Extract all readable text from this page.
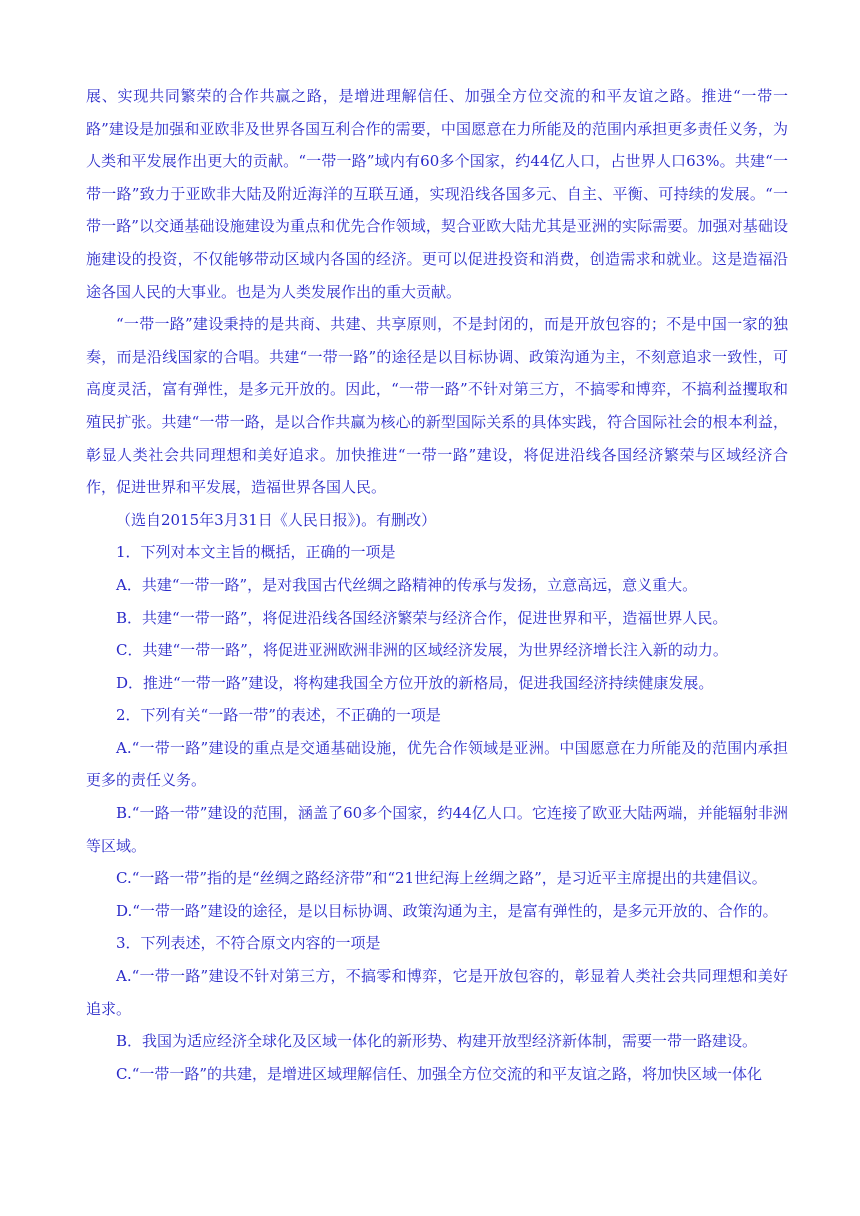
展、实现共同繁荣的合作共赢之路，是增进理解信任、加强全方位交流的和平友谊之路。推进“一带一路”建设是加强和亚欧非及世界各国互利合作的需要，中国愿意在力所能及的范围内承担更多责任义务，为人类和平发展作出更大的贡献。“一带一路”域内有60多个国家，约44亿人口，占世界人口63%。共建“一带一路”致力于亚欧非大陆及附近海洋的互联互通，实现沿线各国多元、自主、平衡、可持续的发展。“一带一路”以交通基础设施建设为重点和优先合作领域，契合亚欧大陆尤其是亚洲的实际需要。加强对基础设施建设的投资，不仅能够带动区域内各国的经济。更可以促进投资和消费，创造需求和就业。这是造福沿途各国人民的大事业。也是为人类发展作出的重大贡献。

“一带一路”建设秉持的是共商、共建、共享原则，不是封闭的，而是开放包容的；不是中国一家的独奏，而是沿线国家的合唱。共建“一带一路”的途径是以目标协调、政策沟通为主，不刻意追求一致性，可高度灵活，富有弹性，是多元开放的。因此，“一带一路”不针对第三方，不搞零和博弈，不搞利益攫取和殖民扩张。共建“一带一路，是以合作共赢为核心的新型国际关系的具体实践，符合国际社会的根本利益，彰显人类社会共同理想和美好追求。加快推进“一带一路”建设，将促进沿线各国经济繁荣与区域经济合作，促进世界和平发展，造福世界各国人民。

（选自2015年3月31日《人民日报》)。有删改）

1．下列对本文主旨的概括，正确的一项是

A．共建“一带一路”，是对我国古代丝绸之路精神的传承与发扬，立意高远，意义重大。

B．共建“一带一路”，将促进沿线各国经济繁荣与经济合作，促进世界和平，造福世界人民。

C．共建“一带一路”，将促进亚洲欧洲非洲的区域经济发展，为世界经济增长注入新的动力。

D．推进“一带一路”建设，将构建我国全方位开放的新格局，促进我国经济持续健康发展。

2．下列有关“一路一带”的表述，不正确的一项是

A.“一带一路”建设的重点是交通基础设施，优先合作领域是亚洲。中国愿意在力所能及的范围内承担更多的责任义务。

B.“一路一带”建设的范围，涵盖了60多个国家，约44亿人口。它连接了欧亚大陆两端，并能辐射非洲等区域。

C.“一路一带”指的是“丝绸之路经济带”和“21世纪海上丝绸之路”，是习近平主席提出的共建倡议。

D.“一带一路”建设的途径，是以目标协调、政策沟通为主，是富有弹性的，是多元开放的、合作的。

3．下列表述，不符合原文内容的一项是

A.“一带一路”建设不针对第三方，不搞零和博弈，它是开放包容的，彰显着人类社会共同理想和美好追求。

B．我国为适应经济全球化及区域一体化的新形势、构建开放型经济新体制，需要一带一路建设。

C.“一带一路”的共建，是增进区域理解信任、加强全方位交流的和平友谊之路，将加快区域一体化
